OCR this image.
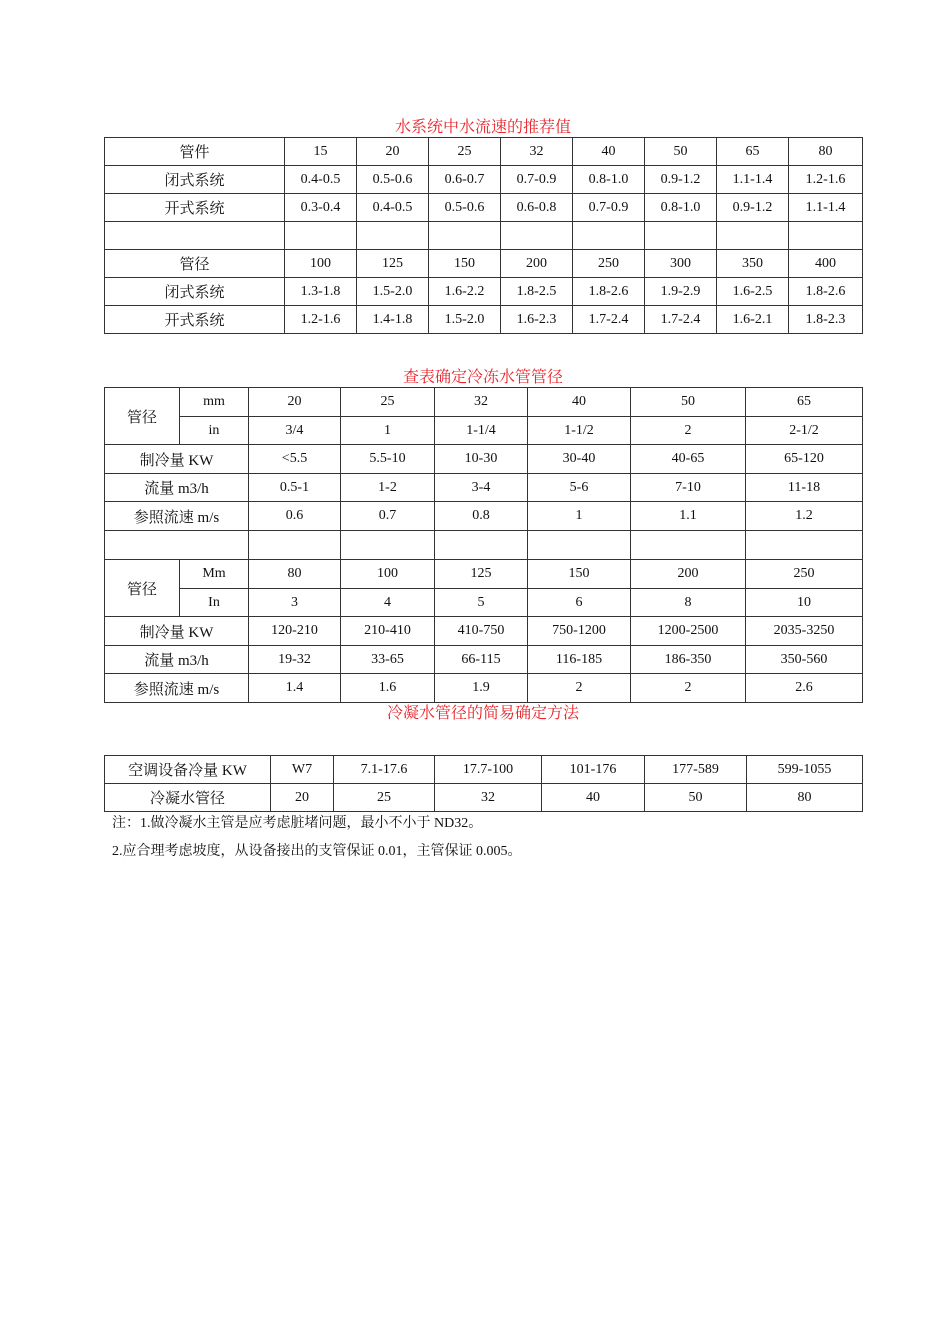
水系统中水流速的推荐值
管件	15	20	25	32	40	50	65	80
闭式系统	0.4-0.5	0.5-0.6	0.6-0.7	0.7-0.9	0.8-1.0	0.9-1.2	1.1-1.4	1.2-1.6
开式系统	0.3-0.4	0.4-0.5	0.5-0.6	0.6-0.8	0.7-0.9	0.8-1.0	0.9-1.2	1.1-1.4

管径	100	125	150	200	250	300	350	400
闭式系统	1.3-1.8	1.5-2.0	1.6-2.2	1.8-2.5	1.8-2.6	1.9-2.9	1.6-2.5	1.8-2.6
开式系统	1.2-1.6	1.4-1.8	1.5-2.0	1.6-2.3	1.7-2.4	1.7-2.4	1.6-2.1	1.8-2.3
查表确定冷冻水管管径
管径	mm	20	25	32	40	50	65
	in	3/4	1	1-1/4	1-1/2	2	2-1/2
制冷量 KW		<5.5	5.5-10	10-30	30-40	40-65	65-120
流量 m3/h		0.5-1	1-2	3-4	5-6	7-10	11-18
参照流速 m/s		0.6	0.7	0.8	1	1.1	1.2

管径	Mm	80	100	125	150	200	250
	In	3	4	5	6	8	10
制冷量 KW		120-210	210-410	410-750	750-1200	1200-2500	2035-3250
流量 m3/h		19-32	33-65	66-115	116-185	186-350	350-560
参照流速 m/s		1.4	1.6	1.9	2	2	2.6
冷凝水管径的简易确定方法
空调设备冷量 KW	W7	7.1-17.6	17.7-100	101-176	177-589	599-1055
冷凝水管径	20	25	32	40	50	80
注：1.做冷凝水主管是应考虑脏堵问题，最小不小于 ND32。
2.应合理考虑坡度，从设备接出的支管保证 0.01，主管保证 0.005。
